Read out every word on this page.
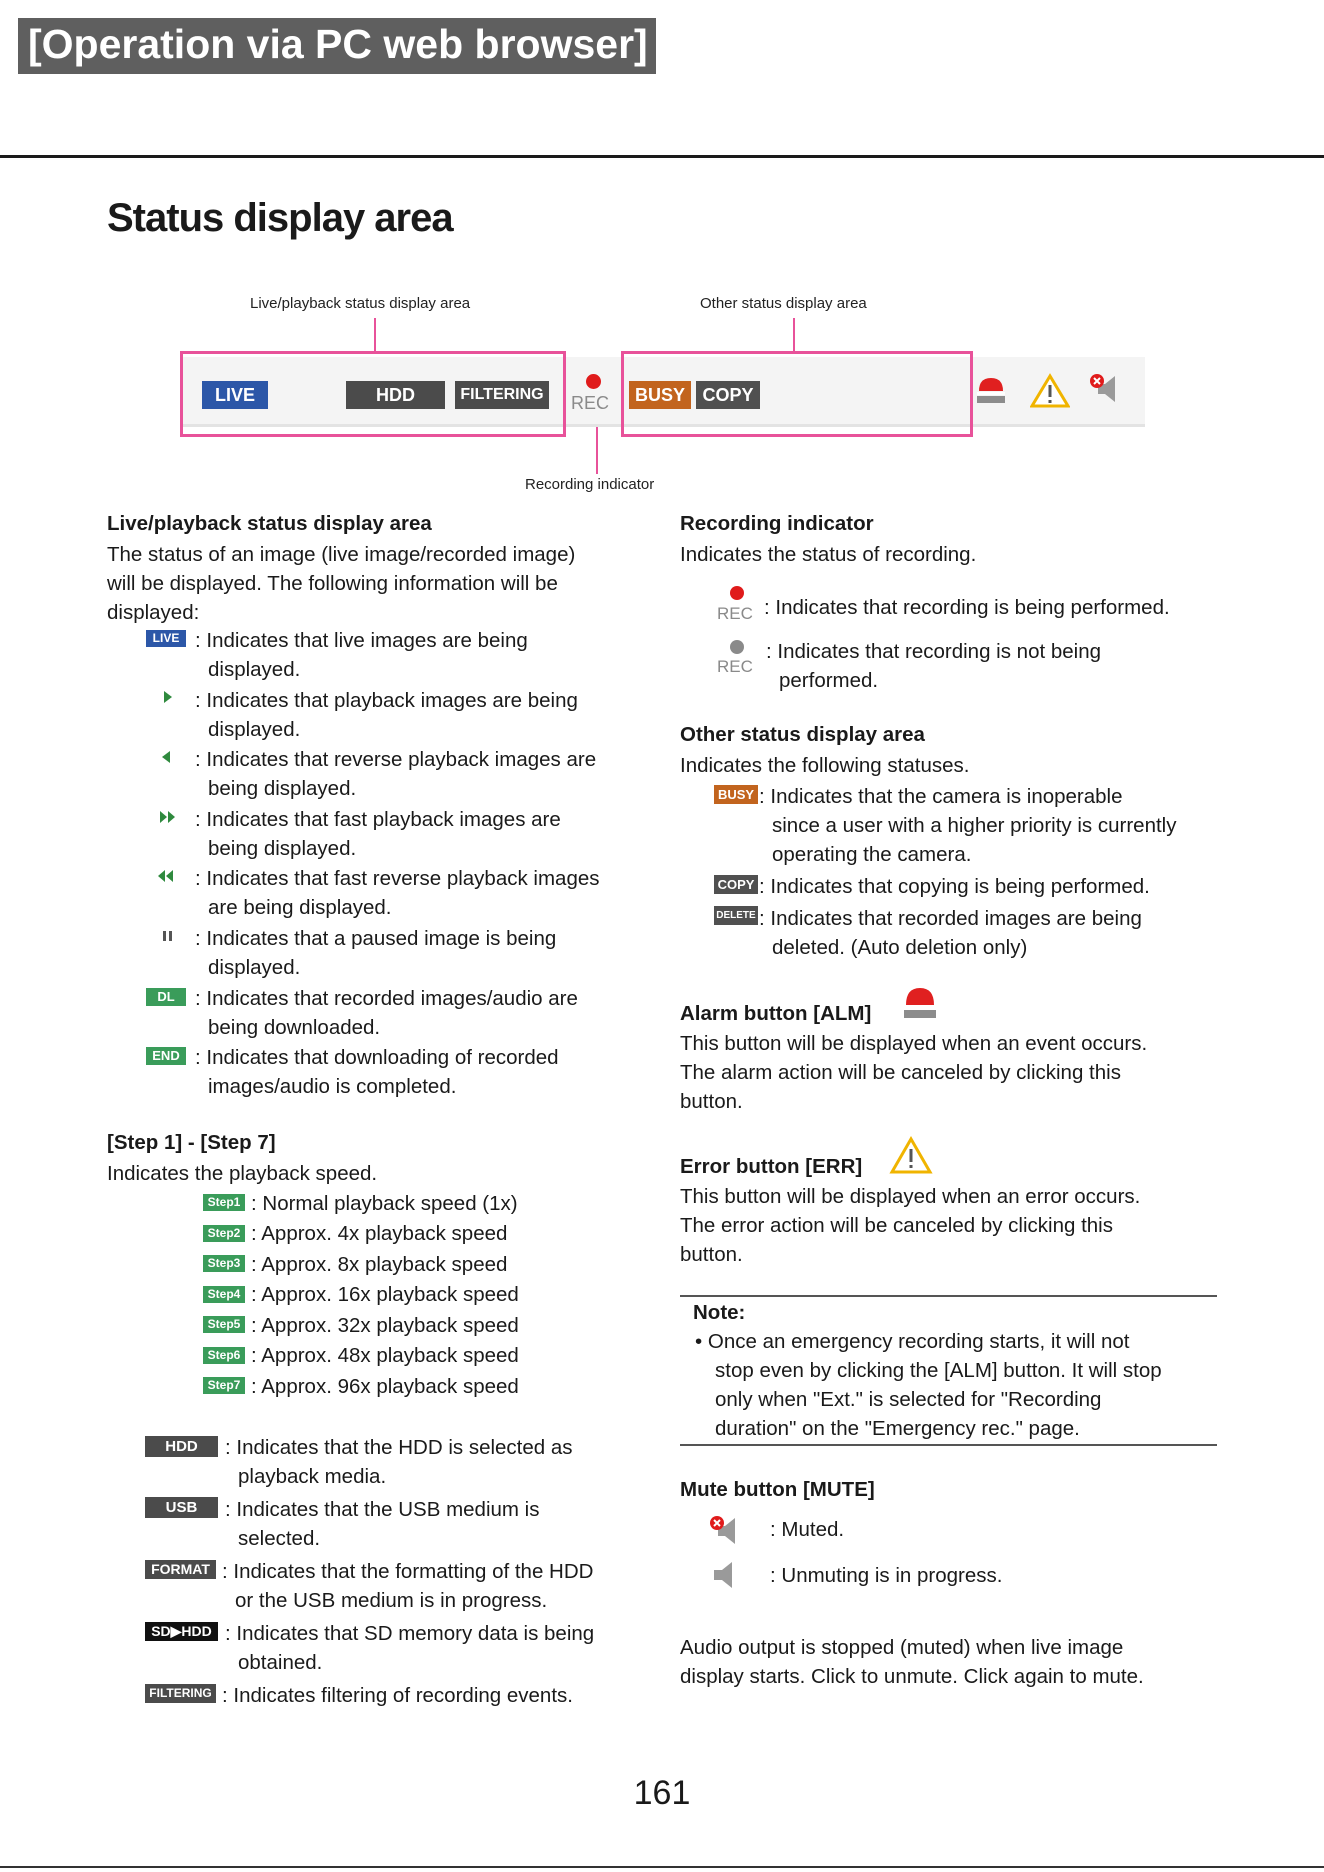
[Operation via PC web browser]
Status display area
Live/playback status display area	Other status display area
Recording indicator
LIVE	HDD	FILTERING REC	BUSY COPY
Live/playback status display area
The status of an image (live image/recorded image)
will be displayed. The following information will be
displayed:
LIVE : Indicates that live images are being
displayed.
: Indicates that playback images are being
displayed.
: Indicates that reverse playback images are
being displayed.
: Indicates that fast playback images are
being displayed.
: Indicates that fast reverse playback images
are being displayed.
: Indicates that a paused image is being
displayed.
DL : Indicates that recorded images/audio are
being downloaded.
END : Indicates that downloading of recorded
images/audio is completed.
[Step 1] - [Step 7]
Indicates the playback speed.
Step1 : Normal playback speed (1x)
Step2 : Approx. 4x playback speed
Step3 : Approx. 8x playback speed
Step4 : Approx. 16x playback speed
Step5 : Approx. 32x playback speed
Step6 : Approx. 48x playback speed
Step7 : Approx. 96x playback speed
HDD	: Indicates that the HDD is selected as
playback media.
USB	: Indicates that the USB medium is
selected.
FORMAT : Indicates that the formatting of the HDD
or the USB medium is in progress.
SD▶HDD : Indicates that SD memory data is being
obtained.
FILTERING : Indicates filtering of recording events.
Recording indicator
Indicates the status of recording.
REC : Indicates that recording is being performed.
REC
: Indicates that recording is not being
performed.
Other status display area
Indicates the following statuses.
BUSY : Indicates that the camera is inoperable
since a user with a higher priority is currently
operating the camera.
COPY : Indicates that copying is being performed.
DELETE : Indicates that recorded images are being
deleted. (Auto deletion only)
Alarm button [ALM]
This button will be displayed when an event occurs.
The alarm action will be canceled by clicking this
button.
Error button [ERR]
This button will be displayed when an error occurs.
The error action will be canceled by clicking this
button.
Note:
• Once an emergency recording starts, it will not
stop even by clicking the [ALM] button. It will stop
only when "Ext." is selected for "Recording
duration" on the "Emergency rec." page.
Mute button [MUTE]
: Muted.
: Unmuting is in progress.
Audio output is stopped (muted) when live image
display starts. Click to unmute. Click again to mute.
161
